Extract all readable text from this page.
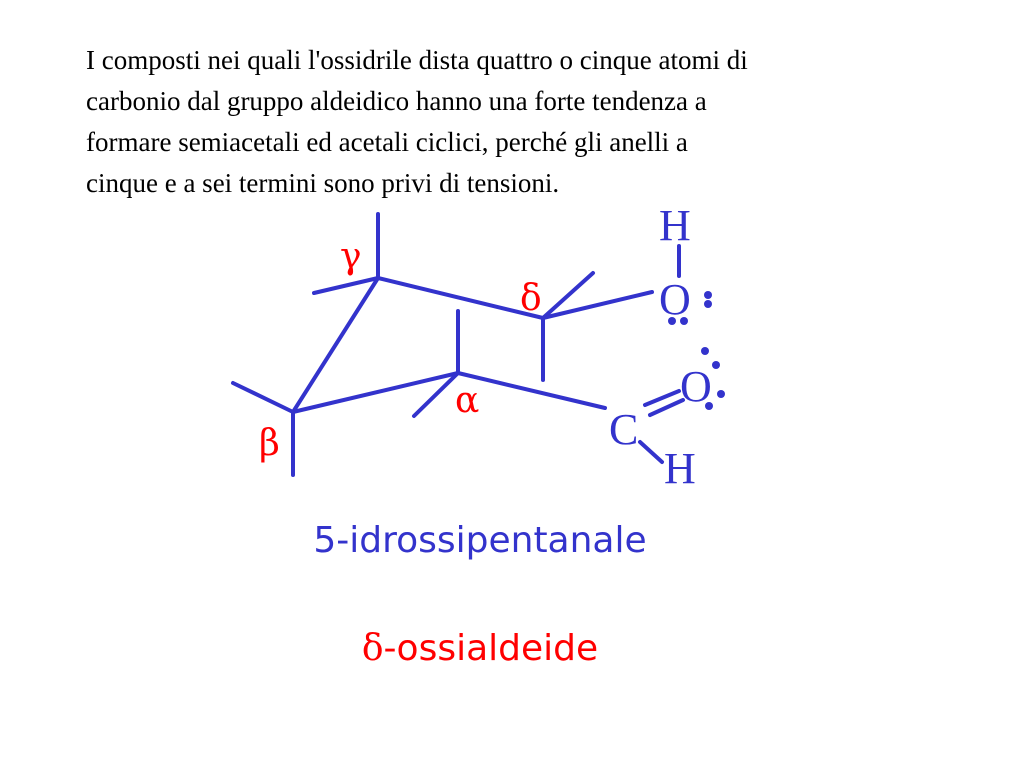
I composti nei quali l'ossidrile dista quattro o cinque atomi di
carbonio dal gruppo aldeidico hanno una forte tendenza a
formare semiacetali ed acetali ciclici, perché gli anelli a
cinque e a sei termini sono privi di tensioni.

H
O
O
C
H
γ
δ
α
β

5-idrossipentanale

δ-ossialdeide
